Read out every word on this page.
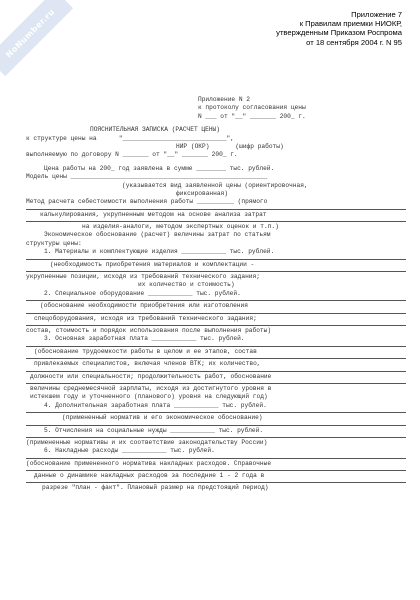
NoNumber.ru	Приложение 7
к Правилам приемки НИОКР,
утвержденным Приказом Роспрома
от 18 сентября 2004 г. N 95
Приложение N 2
к протоколу согласования цены
N ___ от "__" _______ 200_ г.
ПОЯСНИТЕЛЬНАЯ ЗАПИСКА (РАСЧЕТ ЦЕНЫ)
к структуре цены на      "____________________________",
НИР (ОКР)       (шифр работы)
выполняемую по договору N _______ от "__" _______ 200_ г.
Цена работы на 200_ год заявлена в сумме ________ тыс. рублей.
Модель цены _____________________________________________________
(указывается вид заявленной цены (ориентировочная,
фиксированная)
Метод расчета себестоимости выполнения работы __________ (прямого
калькулирования, укрупненным методом на основе анализа затрат
на изделия-аналоги, методом экспертных оценок и т.п.)
Экономическое обоснование (расчет) величины затрат по статьям
структуры цены:
1. Материалы и комплектующие изделия ____________ тыс. рублей.
(необходимость приобретения материалов и комплектации -
укрупненные позиции, исходя из требований технического задания;
их количество и стоимость)
2. Специальное оборудование ____________ тыс. рублей.
(обоснование необходимости приобретения или изготовления
спецоборудования, исходя из требований технического задания;
состав, стоимость и порядок использования после выполнения работы)
3. Основная заработная плата ____________ тыс. рублей.
(обоснование трудоемкости работы в целом и ее этапов, состав
привлекаемых специалистов, включая членов ВТК; их количество,
должности или специальности; продолжительность работ, обоснование
величины среднемесячной зарплаты, исходя из достигнутого уровня в
истекшем году и уточненного (планового) уровня на следующий год)
4. Дополнительная заработная плата ____________ тыс. рублей.
(примененный норматив и его экономическое обоснование)
5. Отчисления на социальные нужды ____________ тыс. рублей.
(примененные нормативы и их соответствие законодательству России)
6. Накладные расходы ____________ тыс. рублей.
(обоснование примененного норматива накладных расходов. Справочные
данные о динамике накладных расходов за последние 1 - 2 года в
разрезе "план - факт". Плановый размер на предстоящий период)
